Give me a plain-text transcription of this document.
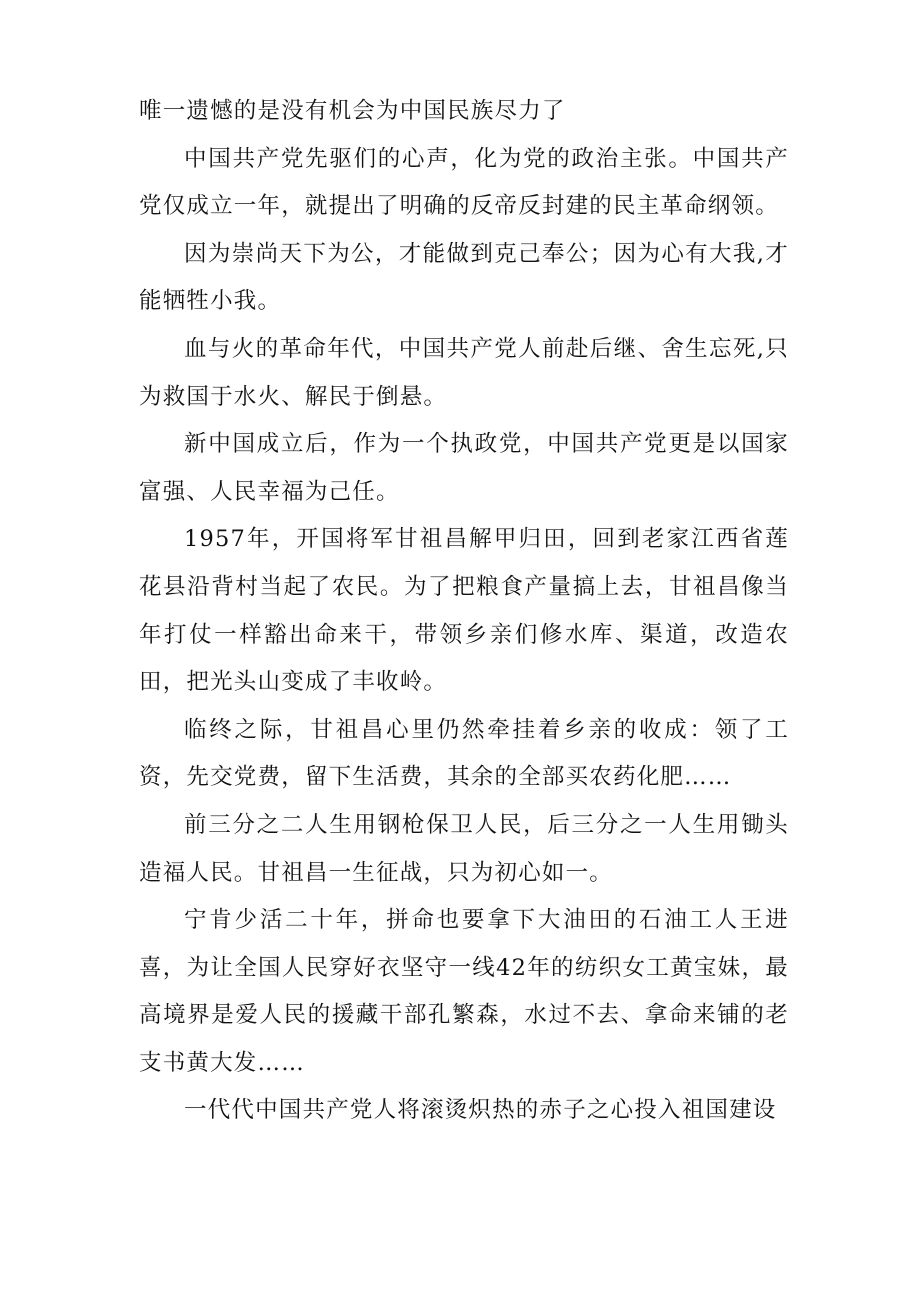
唯一遗憾的是没有机会为中国民族尽力了

中国共产党先驱们的心声，化为党的政治主张。中国共产党仅成立一年，就提出了明确的反帝反封建的民主革命纲领。

因为崇尚天下为公，才能做到克己奉公；因为心有大我,才能牺牲小我。

血与火的革命年代，中国共产党人前赴后继、舍生忘死,只为救国于水火、解民于倒悬。

新中国成立后，作为一个执政党，中国共产党更是以国家富强、人民幸福为己任。

1957年，开国将军甘祖昌解甲归田，回到老家江西省莲花县沿背村当起了农民。为了把粮食产量搞上去，甘祖昌像当年打仗一样豁出命来干，带领乡亲们修水库、渠道，改造农田，把光头山变成了丰收岭。

临终之际，甘祖昌心里仍然牵挂着乡亲的收成：领了工资，先交党费，留下生活费，其余的全部买农药化肥……

前三分之二人生用钢枪保卫人民，后三分之一人生用锄头造福人民。甘祖昌一生征战，只为初心如一。

宁肯少活二十年，拼命也要拿下大油田的石油工人王进喜，为让全国人民穿好衣坚守一线42年的纺织女工黄宝妹，最高境界是爱人民的援藏干部孔繁森，水过不去、拿命来铺的老支书黄大发……

一代代中国共产党人将滚烫炽热的赤子之心投入祖国建设
